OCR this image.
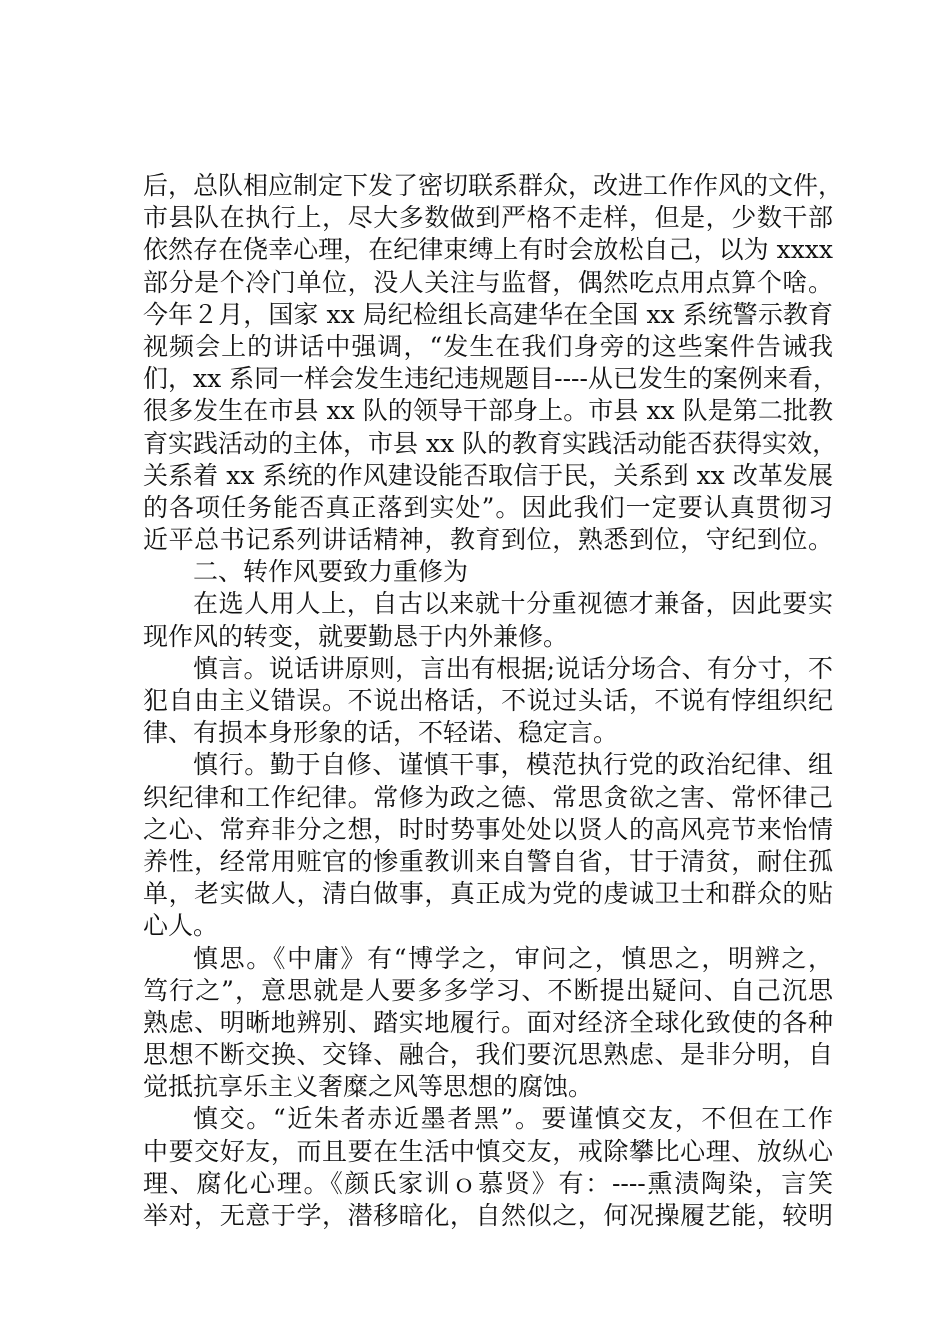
后，总队相应制定下发了密切联系群众，改进工作作风的文件，
市县队在执行上，尽大多数做到严格不走样，但是，少数干部
依然存在侥幸心理，在纪律束缚上有时会放松自己，以为 xxxx
部分是个冷门单位，没人关注与监督，偶然吃点用点算个啥。
今年２月，国家 xx 局纪检组长高建华在全国 xx 系统警示教育
视频会上的讲话中强调，“发生在我们身旁的这些案件告诫我
们，xx 系同一样会发生违纪违规题目----从已发生的案例来看，
很多发生在市县 xx 队的领导干部身上。市县 xx 队是第二批教
育实践活动的主体，市县 xx 队的教育实践活动能否获得实效，
关系着 xx 系统的作风建设能否取信于民，关系到 xx 改革发展
的各项任务能否真正落到实处”。因此我们一定要认真贯彻习
近平总书记系列讲话精神，教育到位，熟悉到位，守纪到位。
二、转作风要致力重修为
在选人用人上，自古以来就十分重视德才兼备，因此要实
现作风的转变，就要勤恳于内外兼修。
慎言。说话讲原则，言出有根据;说话分场合、有分寸，不
犯自由主义错误。不说出格话，不说过头话，不说有悖组织纪
律、有损本身形象的话，不轻诺、稳定言。
慎行。勤于自修、谨慎干事，模范执行党的政治纪律、组
织纪律和工作纪律。常修为政之德、常思贪欲之害、常怀律己
之心、常弃非分之想，时时势事处处以贤人的高风亮节来怡情
养性，经常用赃官的惨重教训来自警自省，甘于清贫，耐住孤
单，老实做人，清白做事，真正成为党的虔诚卫士和群众的贴
心人。
慎思。《中庸》有“博学之，审问之，慎思之，明辨之，
笃行之”，意思就是人要多多学习、不断提出疑问、自己沉思
熟虑、明晰地辨别、踏实地履行。面对经济全球化致使的各种
思想不断交换、交锋、融合，我们要沉思熟虑、是非分明，自
觉抵抗享乐主义奢糜之风等思想的腐蚀。
慎交。“近朱者赤近墨者黑”。要谨慎交友，不但在工作
中要交好友，而且要在生活中慎交友，戒除攀比心理、放纵心
理、腐化心理。《颜氏家训ｏ慕贤》有：----熏渍陶染，言笑
举对，无意于学，潜移暗化，自然似之，何况操履艺能，较明
